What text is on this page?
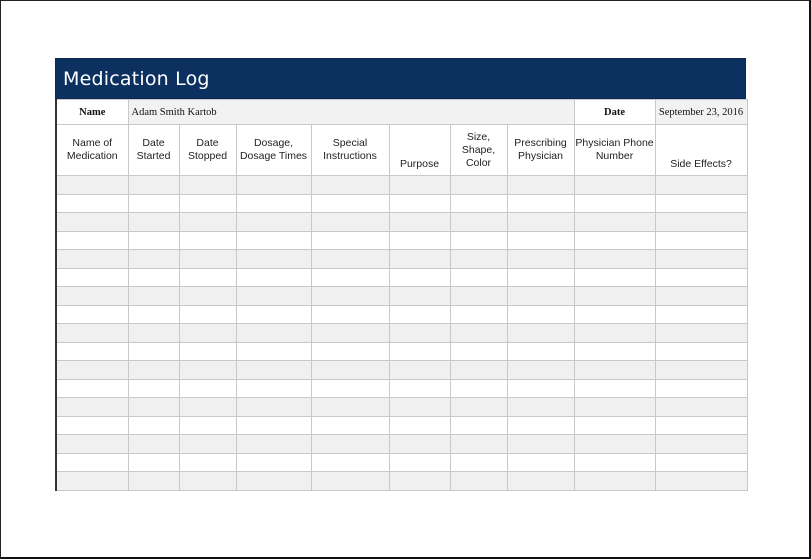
Medication Log
Name	Adam Smith Kartob							Date	September 23, 2016
Name of Medication	Date Started	Date Stopped	Dosage, Dosage Times	Special Instructions	Purpose	Size, Shape, Color	Prescribing Physician	Physician Phone Number	Side Effects?
